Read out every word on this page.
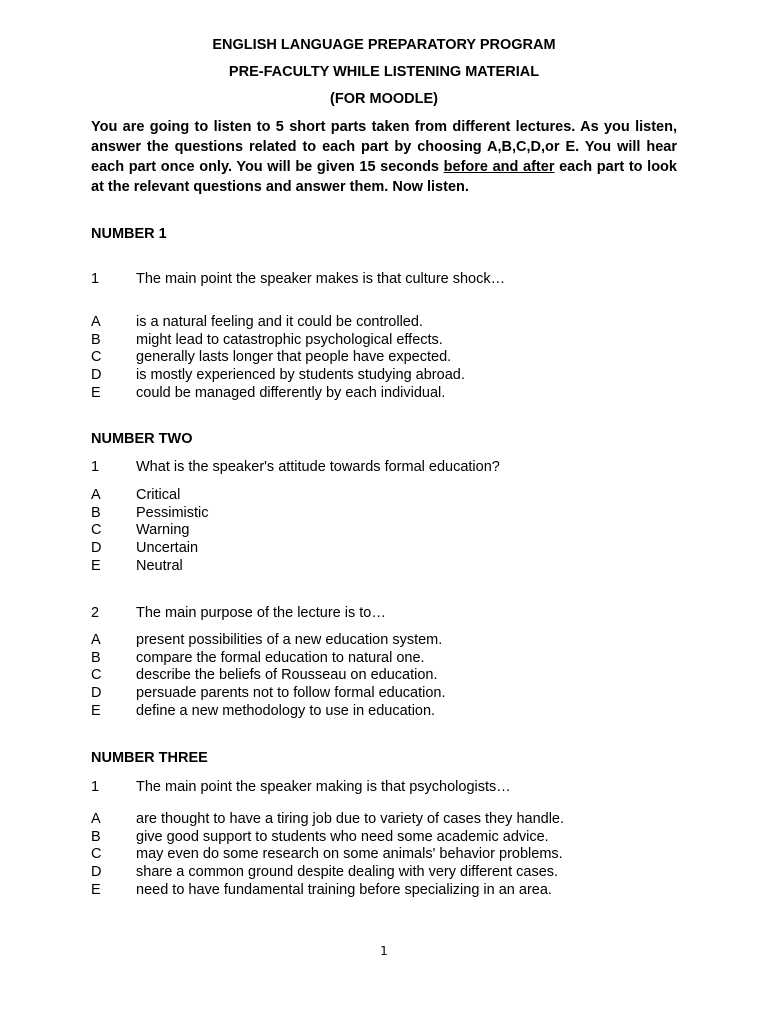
ENGLISH LANGUAGE PREPARATORY PROGRAM
PRE-FACULTY WHILE LISTENING MATERIAL
(FOR MOODLE)
You are going to listen to 5 short parts taken from different lectures. As you listen, answer the questions related to each part by choosing A,B,C,D,or E. You will hear each part once only. You will be given 15 seconds before and after each part to look at the relevant questions and answer them. Now listen.
NUMBER 1
1	The main point the speaker makes is that culture shock…
A is a natural feeling and it could be controlled.
B might lead to catastrophic psychological effects.
C generally lasts longer that people have expected.
D is mostly experienced by students studying abroad.
E could be managed differently by each individual.
NUMBER TWO
1	What is the speaker's attitude towards formal education?
A Critical
B Pessimistic
C Warning
D Uncertain
E Neutral
2	The main purpose of the lecture is to…
A present possibilities of a new education system.
B compare the formal education to natural one.
C describe the beliefs of Rousseau on education.
D persuade parents not to follow formal education.
E define a new methodology to use in education.
NUMBER THREE
1	The main point the speaker making is that psychologists…
A are thought to have a tiring job due to variety of cases they handle.
B give good support to students who need some academic advice.
C may even do some research on some animals' behavior problems.
D share a common ground despite dealing with very different cases.
E need to have fundamental training before specializing in an area.
1
